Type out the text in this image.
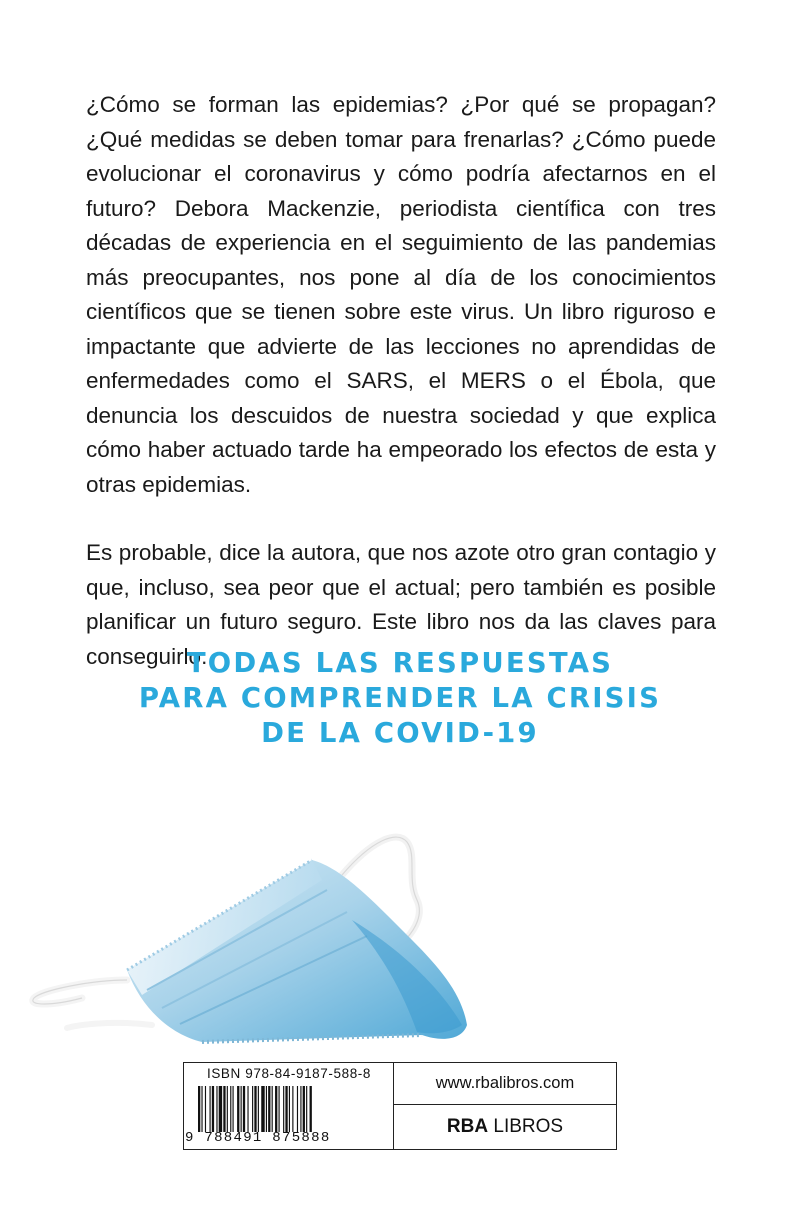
¿Cómo se forman las epidemias? ¿Por qué se propagan? ¿Qué medidas se deben tomar para frenarlas? ¿Cómo puede evolucionar el coronavirus y cómo podría afectarnos en el futuro? Debora Mackenzie, periodista científica con tres décadas de experiencia en el seguimiento de las pandemias más preocupantes, nos pone al día de los conocimientos científicos que se tienen sobre este virus. Un libro riguroso e impactante que advierte de las lecciones no aprendidas de enfermedades como el SARS, el MERS o el Ébola, que denuncia los descuidos de nuestra sociedad y que explica cómo haber actuado tarde ha empeorado los efectos de esta y otras epidemias.

Es probable, dice la autora, que nos azote otro gran contagio y que, incluso, sea peor que el actual; pero también es posible planificar un futuro seguro. Este libro nos da las claves para conseguirlo.

TODAS LAS RESPUESTAS
PARA COMPRENDER LA CRISIS
DE LA COVID-19
ISBN 978-84-9187-588-8
9 788491 875888
www.rbalibros.com
RBA LIBROS
